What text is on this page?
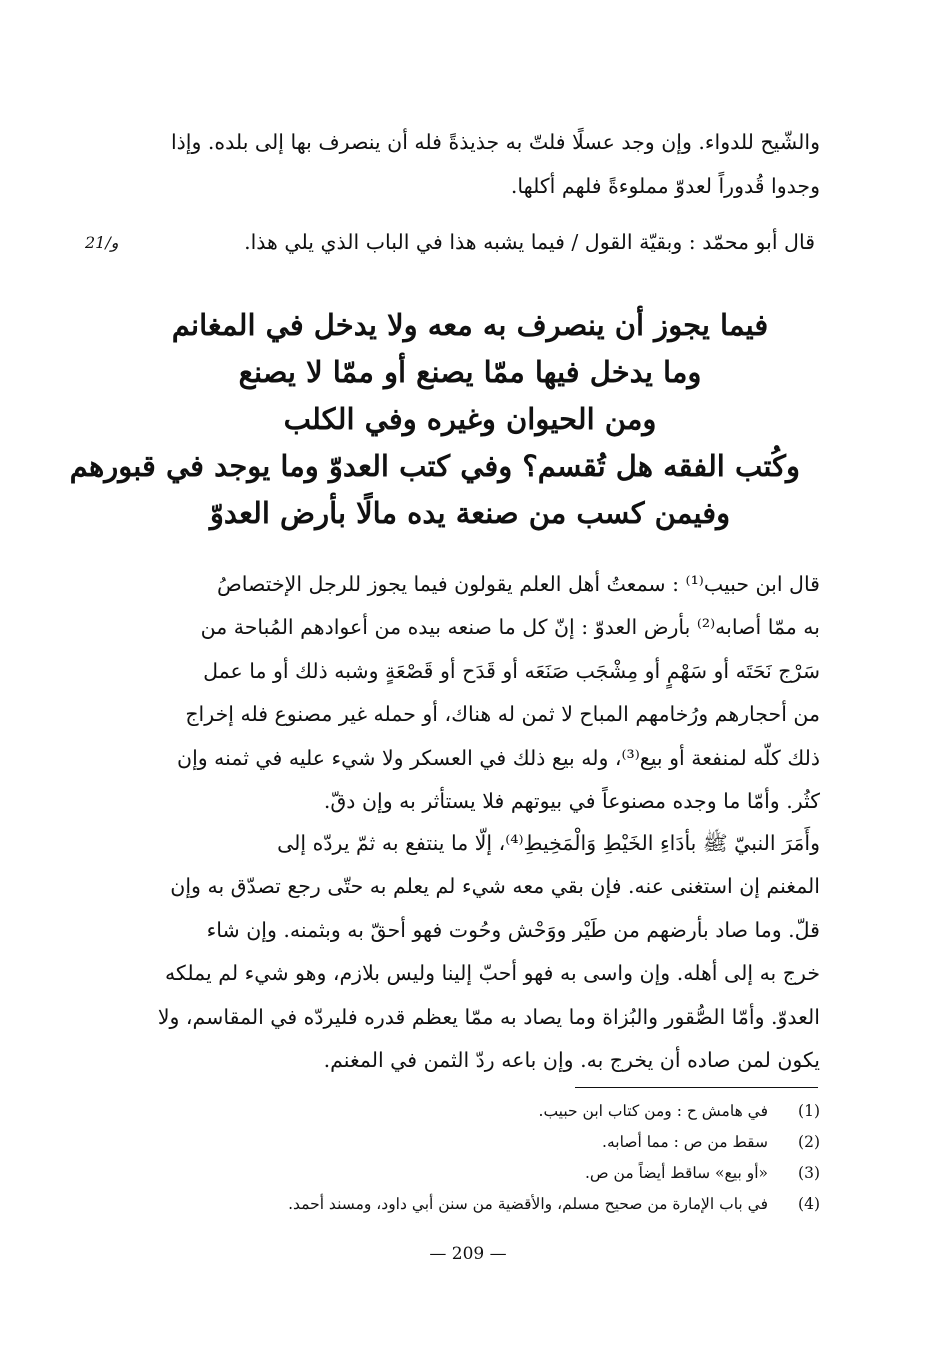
والشّيح للدواء. وإن وجد عسلًا فلتّ به جذيذةً فله أن ينصرف بها إلى بلده. وإذا
وجدوا قُدوراً لعدوّ مملوءةً فلهم أكلها.
قال أبو محمّد : وبقيّة القول / فيما يشبه هذا في الباب الذي يلي هذا.
21/و
فيما يجوز أن ينصرف به معه ولا يدخل في المغانم
وما يدخل فيها ممّا يصنع أو ممّا لا يصنع
ومن الحيوان وغيره وفي الكلب
وكُتب الفقه هل تُقسم؟ وفي كتب العدوّ وما يوجد في قبورهم
وفيمن كسب من صنعة يده مالًا بأرض العدوّ
قال ابن حبيب⁽¹⁾ : سمعتُ أهل العلم يقولون فيما يجوز للرجل الإختصاصُ
به ممّا أصابه⁽²⁾ بأرض العدوّ : إنّ كل ما صنعه بيده من أعوادهم المُباحة من
سَرْج نَحَتَه أو سَهْمٍ أو مِشْجَب صَنَعَه أو قَدَح أو قَصْعَةٍ وشبه ذلك أو ما عمل
من أحجارهم ورُخامهم المباح لا ثمن له هناك، أو حمله غير مصنوع فله إخراج
ذلك كلّه لمنفعة أو بيع⁽³⁾، وله بيع ذلك في العسكر ولا شيء عليه في ثمنه وإن
كثُر. وأمّا ما وجده مصنوعاً في بيوتهم فلا يستأثر به وإن دقّ.
وأَمَرَ النبيّ ﷺ بأدَاءِ الخَيْطِ وَالْمَخِيطِ⁽⁴⁾، إلّا ما ينتفع به ثمّ يردّه إلى
المغنم إن استغنى عنه. فإن بقي معه شيء لم يعلم به حتّى رجع تصدّق به وإن
قلّ. وما صاد بأرضهم من طَيْر ووَحْش وحُوت فهو أحقّ به وبثمنه. وإن شاء
خرج به إلى أهله. وإن واسى به فهو أحبّ إلينا وليس بلازم، وهو شيء لم يملكه
العدوّ. وأمّا الصُّقور والبُزاة وما يصاد به ممّا يعظم قدره فليردّه في المقاسم، ولا
يكون لمن صاده أن يخرج به. وإن باعه ردّ الثمن في المغنم.
(1)
في هامش ح : ومن كتاب ابن حبيب.
(2)
سقط من ص : مما أصابه.
(3)
«أو بيع» ساقط أيضاً من ص.
(4)
في باب الإمارة من صحيح مسلم، والأقضية من سنن أبي داود، ومسند أحمد.
— 209 —
